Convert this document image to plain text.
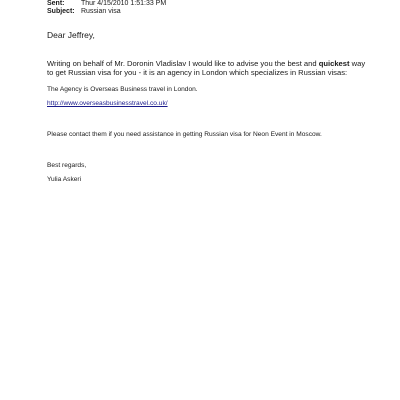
Sent: Thur 4/15/2010 1:51:33 PM
Subject: Russian visa
Dear Jeffrey,
Writing on behalf of Mr. Doronin Vladislav I would like to advise you the best and quickest way
to get Russian visa for you - it is an agency in London which specializes in Russian visas:
The Agency is Overseas Business travel in London.
http://www.overseasbusinesstravel.co.uk/
Please contact them if you need assistance in getting Russian visa for Neon Event in Moscow.
Best regards,
Yulia Askeri
